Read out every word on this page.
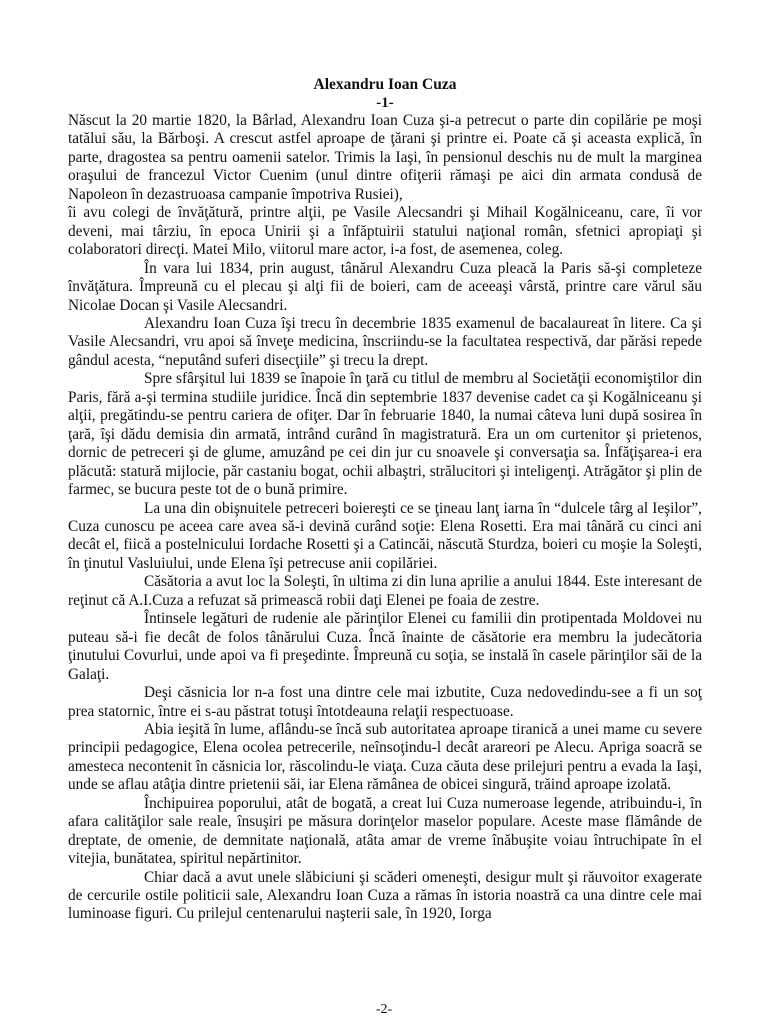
Alexandru Ioan Cuza
-1-

Născut la 20 martie 1820, la Bârlad, Alexandru Ioan Cuza şi-a petrecut o parte din copilărie pe moşi tatălui său, la Bărboşi. A crescut astfel aproape de ţărani şi printre ei. Poate că şi aceasta explică, în parte, dragostea sa pentru oamenii satelor. Trimis la Iaşi, în pensionul deschis nu de mult la marginea oraşului de francezul Victor Cuenim (unul dintre ofiţerii rămaşi pe aici din armata condusă de Napoleon în dezastruoasa campanie împotriva Rusiei),

îi avu colegi de învăţătură, printre alţii, pe Vasile Alecsandri şi Mihail Kogălniceanu, care, îi vor deveni, mai târziu, în epoca Unirii şi a înfăptuirii statului naţional român, sfetnici apropiaţi şi colaboratori direcţi. Matei Milo, viitorul mare actor, i-a fost, de asemenea, coleg.

În vara lui 1834, prin august, tânărul Alexandru Cuza pleacă la Paris să-şi completeze învăţătura. Împreună cu el plecau şi alţi fii de boieri, cam de aceeaşi vârstă, printre care vărul său Nicolae Docan şi Vasile Alecsandri.

Alexandru Ioan Cuza îşi trecu în decembrie 1835 examenul de bacalaureat în litere. Ca şi Vasile Alecsandri, vru apoi să înveţe medicina, înscriindu-se la facultatea respectivă, dar părăsi repede gândul acesta, “neputând suferi disecţiile” şi trecu la drept.

Spre sfârşitul lui 1839 se înapoie în ţară cu titlul de membru al Societăţii economiştilor din Paris, fără a-şi termina studiile juridice. Încă din septembrie 1837 devenise cadet ca şi Kogălniceanu şi alţii, pregătindu-se pentru cariera de ofiţer. Dar în februarie 1840, la numai câteva luni după sosirea în ţară, îşi dădu demisia din armată, intrând curând în magistratură. Era un om curtenitor şi prietenos, dornic de petreceri şi de glume, amuzând pe cei din jur cu snoavele şi conversaţia sa. Înfăţişarea-i era plăcută: statură mijlocie, păr castaniu bogat, ochii albaştri, strălucitori şi inteligenţi. Atrăgător şi plin de farmec, se bucura peste tot de o bună primire.

La una din obişnuitele petreceri boiereşti ce se ţineau lanţ iarna în “dulcele târg al Ieşilor”, Cuza cunoscu pe aceea care avea să-i devină curând soţie: Elena Rosetti. Era mai tânără cu cinci ani decât el, fiică a postelnicului Iordache Rosetti şi a Catincăi, născută Sturdza, boieri cu moşie la Soleşti, în ţinutul Vasluiului, unde Elena îşi petrecuse anii copilăriei.

Căsătoria a avut loc la Soleşti, în ultima zi din luna aprilie a anului 1844. Este interesant de reţinut că A.I.Cuza a refuzat să primească robii daţi Elenei pe foaia de zestre.

Întinsele legături de rudenie ale părinţilor Elenei cu familii din protipentada Moldovei nu puteau să-i fie decât de folos tânărului Cuza. Încă înainte de căsătorie era membru la judecătoria ţinutului Covurlui, unde apoi va fi preşedinte. Împreună cu soţia, se instală în casele părinţilor săi de la Galaţi.

Deşi căsnicia lor n-a fost una dintre cele mai izbutite, Cuza nedovedindu-see a fi un soţ prea statornic, între ei s-au păstrat totuşi întotdeauna relaţii respectuoase.

Abia ieşită în lume, aflându-se încă sub autoritatea aproape tiranică a unei mame cu severe principii pedagogice, Elena ocolea petrecerile, neînsoţindu-l decât arareori pe Alecu. Apriga soacră se amesteca necontenit în căsnicia lor, răscolindu-le viaţa. Cuza căuta dese prilejuri pentru a evada la Iaşi, unde se aflau atâţia dintre prietenii săi, iar Elena rămânea de obicei singură, trăind aproape izolată.

Închipuirea poporului, atât de bogată, a creat lui Cuza numeroase legende, atribuindu-i, în afara calităţilor sale reale, însuşiri pe măsura dorinţelor maselor populare. Aceste mase flămânde de dreptate, de omenie, de demnitate naţională, atâta amar de vreme înăbuşite voiau întruchipate în el vitejia, bunătatea, spiritul nepărtinitor.

Chiar dacă a avut unele slăbiciuni şi scăderi omeneşti, desigur mult şi răuvoitor exagerate de cercurile ostile politicii sale, Alexandru Ioan Cuza a rămas în istoria noastră ca una dintre cele mai luminoase figuri. Cu prilejul centenarului naşterii sale, în 1920, Iorga

-2-
